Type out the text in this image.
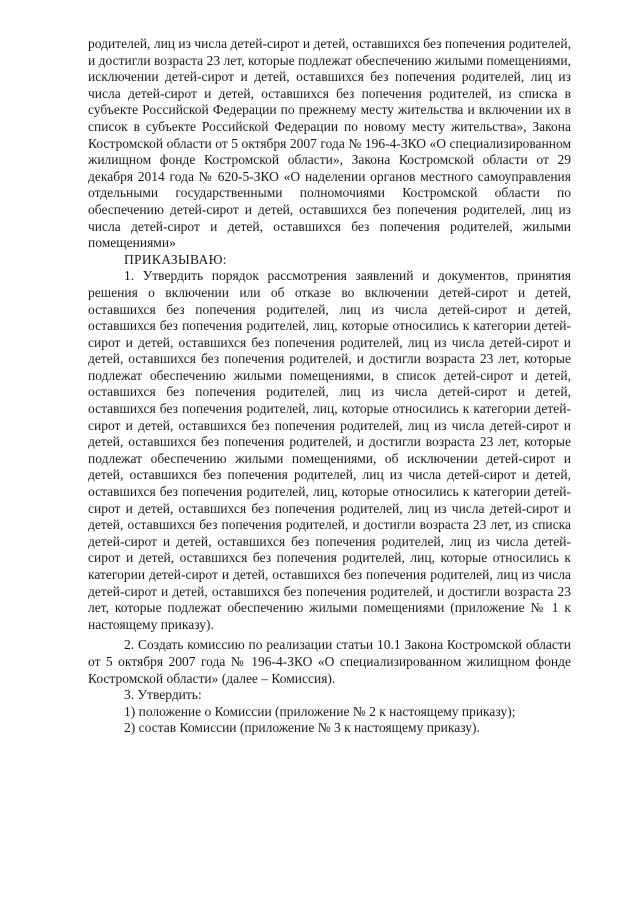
родителей, лиц из числа детей-сирот и детей, оставшихся без попечения родителей, и достигли возраста 23 лет, которые подлежат обеспечению жилыми помещениями, исключении детей-сирот и детей, оставшихся без попечения родителей, лиц из числа детей-сирот и детей, оставшихся без попечения родителей, из списка в субъекте Российской Федерации по прежнему месту жительства и включении их в список в субъекте Российской Федерации по новому месту жительства», Закона Костромской области от 5 октября 2007 года № 196-4-ЗКО «О специализированном жилищном фонде Костромской области», Закона Костромской области от 29 декабря 2014 года № 620-5-ЗКО «О наделении органов местного самоуправления отдельными государственными полномочиями Костромской области по обеспечению детей-сирот и детей, оставшихся без попечения родителей, лиц из числа детей-сирот и детей, оставшихся без попечения родителей, жилыми помещениями»

ПРИКАЗЫВАЮ:

1. Утвердить порядок рассмотрения заявлений и документов, принятия решения о включении или об отказе во включении детей-сирот и детей, оставшихся без попечения родителей, лиц из числа детей-сирот и детей, оставшихся без попечения родителей, лиц, которые относились к категории детей-сирот и детей, оставшихся без попечения родителей, лиц из числа детей-сирот и детей, оставшихся без попечения родителей, и достигли возраста 23 лет, которые подлежат обеспечению жилыми помещениями, в список детей-сирот и детей, оставшихся без попечения родителей, лиц из числа детей-сирот и детей, оставшихся без попечения родителей, лиц, которые относились к категории детей-сирот и детей, оставшихся без попечения родителей, лиц из числа детей-сирот и детей, оставшихся без попечения родителей, и достигли возраста 23 лет, которые подлежат обеспечению жилыми помещениями, об исключении детей-сирот и детей, оставшихся без попечения родителей, лиц из числа детей-сирот и детей, оставшихся без попечения родителей, лиц, которые относились к категории детей-сирот и детей, оставшихся без попечения родителей, лиц из числа детей-сирот и детей, оставшихся без попечения родителей, и достигли возраста 23 лет, из списка детей-сирот и детей, оставшихся без попечения родителей, лиц из числа детей-сирот и детей, оставшихся без попечения родителей, лиц, которые относились к категории детей-сирот и детей, оставшихся без попечения родителей, лиц из числа детей-сирот и детей, оставшихся без попечения родителей, и достигли возраста 23 лет, которые подлежат обеспечению жилыми помещениями (приложение № 1 к настоящему приказу).

2. Создать комиссию по реализации статьи 10.1 Закона Костромской области от 5 октября 2007 года № 196-4-ЗКО «О специализированном жилищном фонде Костромской области» (далее – Комиссия).

3. Утвердить:

1) положение о Комиссии (приложение № 2 к настоящему приказу);

2) состав Комиссии (приложение № 3 к настоящему приказу).
